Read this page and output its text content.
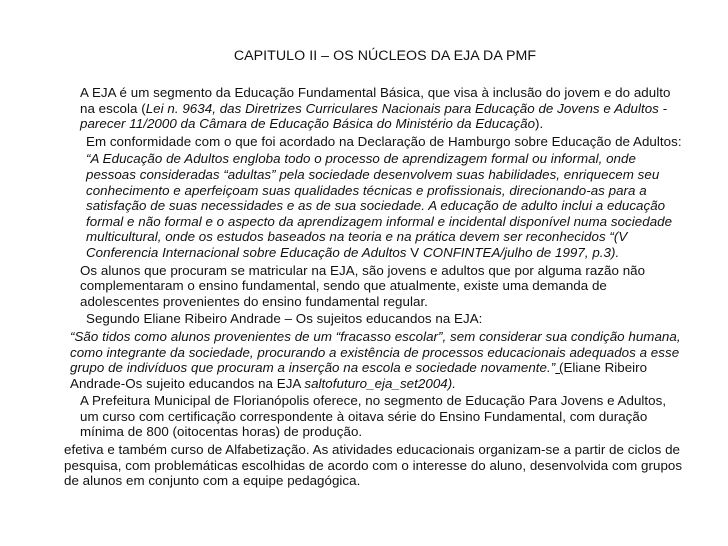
CAPITULO II – OS NÚCLEOS DA EJA DA PMF

A EJA é um segmento da Educação Fundamental Básica, que visa à inclusão do jovem e do adulto na escola (Lei n. 9634, das Diretrizes Curriculares Nacionais para Educação de Jovens e Adultos - parecer 11/2000 da Câmara de Educação Básica do Ministério da Educação).

Em conformidade com o que foi acordado na Declaração de Hamburgo sobre Educação de Adultos:

“A Educação de Adultos engloba todo o processo de aprendizagem formal ou informal, onde pessoas consideradas “adultas” pela sociedade desenvolvem suas habilidades, enriquecem seu conhecimento e aperfeiçoam suas qualidades técnicas e profissionais, direcionando-as para a satisfação de suas necessidades e as de sua sociedade. A educação de adulto inclui a educação formal e não formal e o aspecto da aprendizagem informal e incidental disponível numa sociedade multicultural, onde os estudos baseados na teoria e na prática devem ser reconhecidos “(V Conferencia Internacional sobre Educação de Adultos V CONFINTEA/julho de 1997, p.3).

Os alunos que procuram se matricular na EJA, são jovens e adultos que por alguma razão não complementaram o ensino fundamental, sendo que atualmente, existe uma demanda de adolescentes provenientes do ensino fundamental regular.

Segundo Eliane Ribeiro Andrade – Os sujeitos educandos na EJA:

“São tidos como alunos provenientes de um “fracasso escolar”, sem considerar sua condição humana, como integrante da sociedade, procurando a existência de processos educacionais adequados a esse grupo de indivíduos que procuram a inserção na escola e sociedade novamente.” (Eliane Ribeiro Andrade-Os sujeito educandos na EJA saltofuturo_eja_set2004).

A Prefeitura Municipal de Florianópolis oferece, no segmento de Educação Para Jovens e Adultos, um curso com certificação correspondente à oitava série do Ensino Fundamental, com duração mínima de 800 (oitocentas horas) de produção.

efetiva e também curso de Alfabetização. As atividades educacionais organizam-se a partir de ciclos de pesquisa, com problemáticas escolhidas de acordo com o interesse do aluno, desenvolvida com grupos de alunos em conjunto com a equipe pedagógica.
